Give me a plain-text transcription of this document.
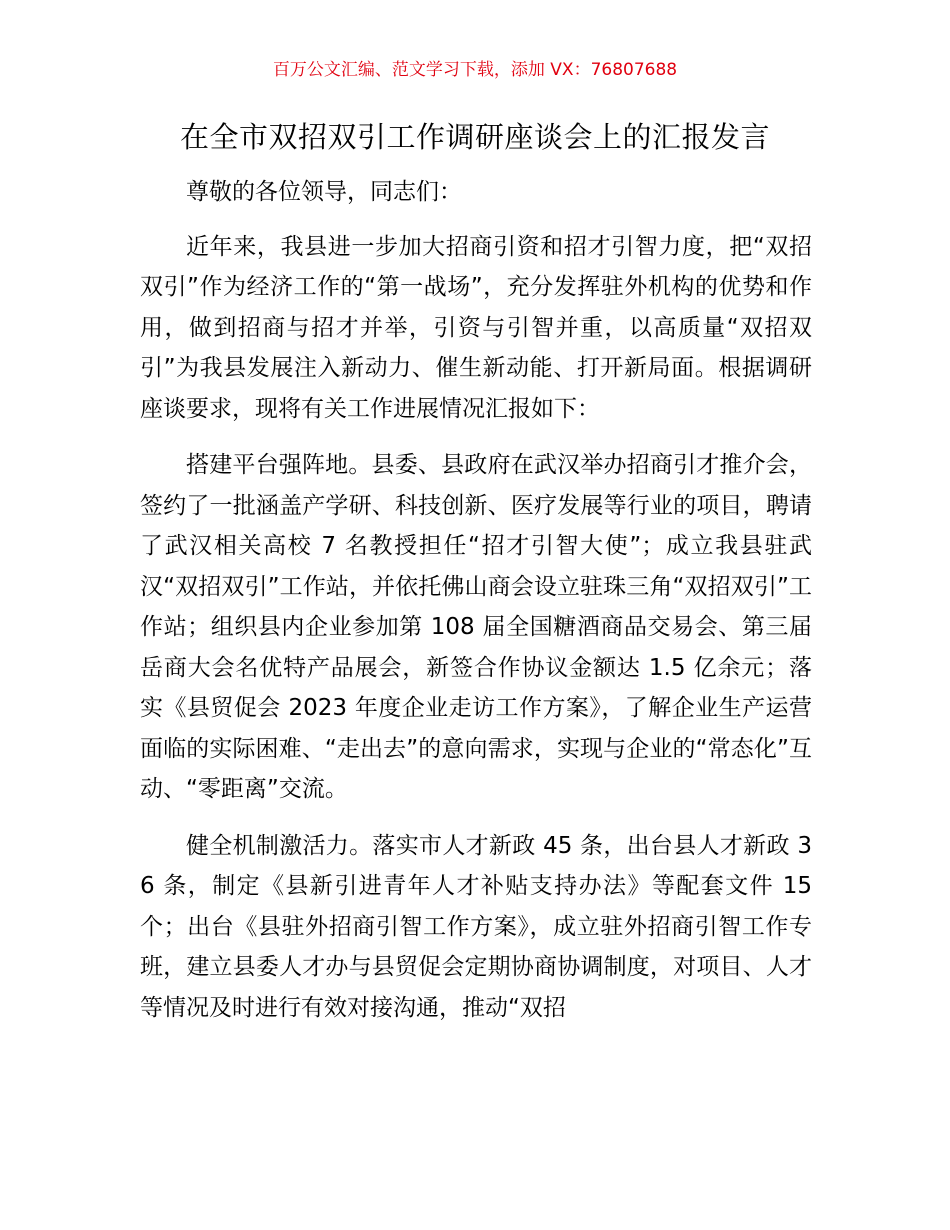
百万公文汇编、范文学习下载，添加 VX：76807688
在全市双招双引工作调研座谈会上的汇报发言

尊敬的各位领导，同志们：

近年来，我县进一步加大招商引资和招才引智力度，把“双招双引”作为经济工作的“第一战场”，充分发挥驻外机构的优势和作用，做到招商与招才并举，引资与引智并重，以高质量“双招双引”为我县发展注入新动力、催生新动能、打开新局面。根据调研座谈要求，现将有关工作进展情况汇报如下：

搭建平台强阵地。县委、县政府在武汉举办招商引才推介会，签约了一批涵盖产学研、科技创新、医疗发展等行业的项目，聘请了武汉相关高校 7 名教授担任“招才引智大使”；成立我县驻武汉“双招双引”工作站，并依托佛山商会设立驻珠三角“双招双引”工作站；组织县内企业参加第 108 届全国糖酒商品交易会、第三届岳商大会名优特产品展会，新签合作协议金额达 1.5 亿余元；落实《县贸促会 2023 年度企业走访工作方案》，了解企业生产运营面临的实际困难、“走出去”的意向需求，实现与企业的“常态化”互动、“零距离”交流。

健全机制激活力。落实市人才新政 45 条，出台县人才新政 36 条，制定《县新引进青年人才补贴支持办法》等配套文件 15 个；出台《县驻外招商引智工作方案》，成立驻外招商引智工作专班，建立县委人才办与县贸促会定期协商协调制度，对项目、人才等情况及时进行有效对接沟通，推动“双招
